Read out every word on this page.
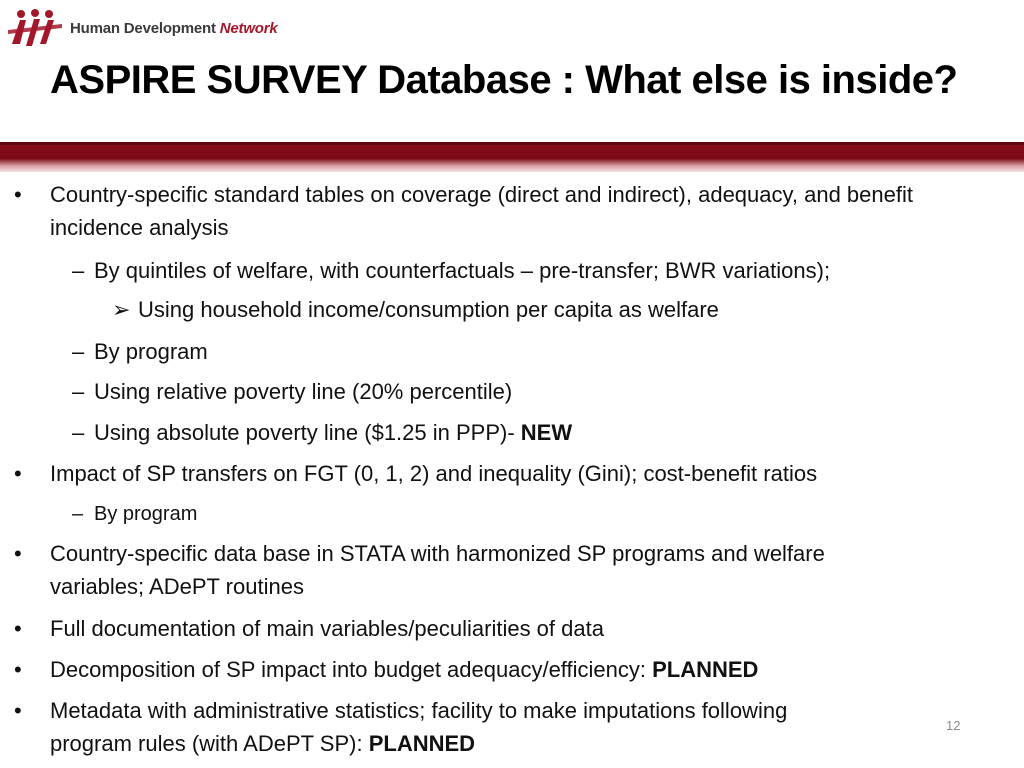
Human Development Network
ASPIRE SURVEY Database : What else is inside?
•	Country-specific standard tables on coverage (direct and indirect), adequacy, and benefit incidence analysis
– By quintiles of welfare, with counterfactuals – pre-transfer; BWR variations);
➢ Using household income/consumption per capita as welfare
– By program
– Using relative poverty line (20% percentile)
– Using absolute poverty line ($1.25 in PPP)- NEW
•	Impact of SP transfers on FGT (0, 1, 2) and inequality (Gini); cost-benefit ratios
– By program
•	Country-specific data base in STATA with harmonized SP programs and welfare
variables; ADePT routines
•	Full documentation of main variables/peculiarities of data
•	Decomposition of SP impact into budget adequacy/efficiency: PLANNED
•	Metadata with administrative statistics; facility to make imputations following
program rules (with ADePT SP): PLANNED
12
